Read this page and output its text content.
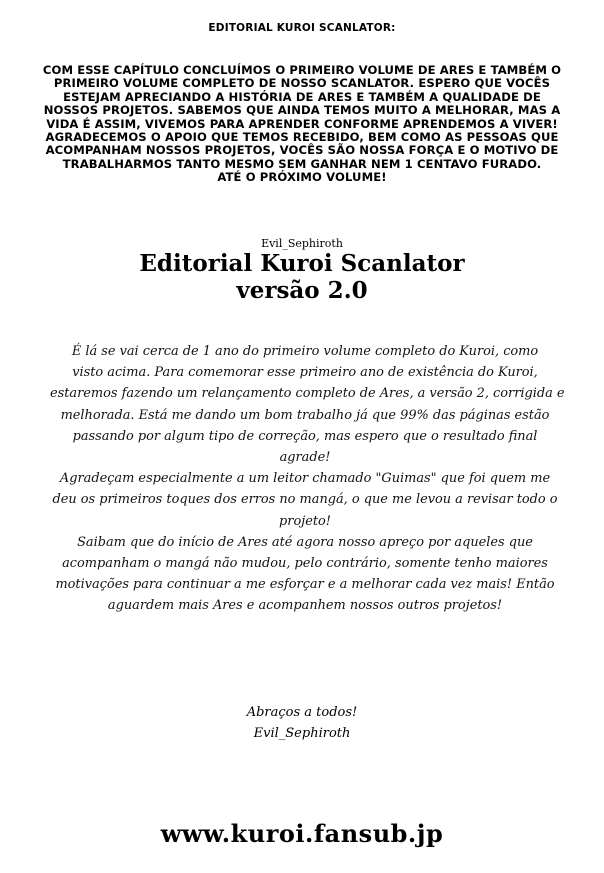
EDITORIAL KUROI SCANLATOR:
COM ESSE CAPÍTULO CONCLUÍMOS O PRIMEIRO VOLUME DE ARES E TAMBÉM O
PRIMEIRO VOLUME COMPLETO DE NOSSO SCANLATOR. ESPERO QUE VOCÊS
ESTEJAM APRECIANDO A HISTÓRIA DE ARES E TAMBÉM A QUALIDADE DE
NOSSOS PROJETOS. SABEMOS QUE AINDA TEMOS MUITO A MELHORAR, MAS A
VIDA É ASSIM, VIVEMOS PARA APRENDER CONFORME APRENDEMOS A VIVER!
AGRADECEMOS O APOIO QUE TEMOS RECEBIDO, BEM COMO AS PESSOAS QUE
ACOMPANHAM NOSSOS PROJETOS, VOCÊS SÃO NOSSA FORÇA E O MOTIVO DE
TRABALHARMOS TANTO MESMO SEM GANHAR NEM 1 CENTAVO FURADO.
ATÉ O PRÓXIMO VOLUME!
Evil_Sephiroth
Editorial Kuroi Scanlator
versão 2.0
É lá se vai cerca de 1 ano do primeiro volume completo do Kuroi, como
visto acima. Para comemorar esse primeiro ano de existência do Kuroi,
estaremos fazendo um relançamento completo de Ares, a versão 2, corrigida e
melhorada. Está me dando um bom trabalho já que 99% das páginas estão
passando por algum tipo de correção, mas espero que o resultado final
agrade!
Agradeçam especialmente a um leitor chamado "Guimas" que foi quem me
deu os primeiros toques dos erros no mangá, o que me levou a revisar todo o
projeto!
Saibam que do início de Ares até agora nosso apreço por aqueles que
acompanham o mangá não mudou, pelo contrário, somente tenho maiores
motivações para continuar a me esforçar e a melhorar cada vez mais! Então
aguardem mais Ares e acompanhem nossos outros projetos!
Abraços a todos!
Evil_Sephiroth
www.kuroi.fansub.jp
